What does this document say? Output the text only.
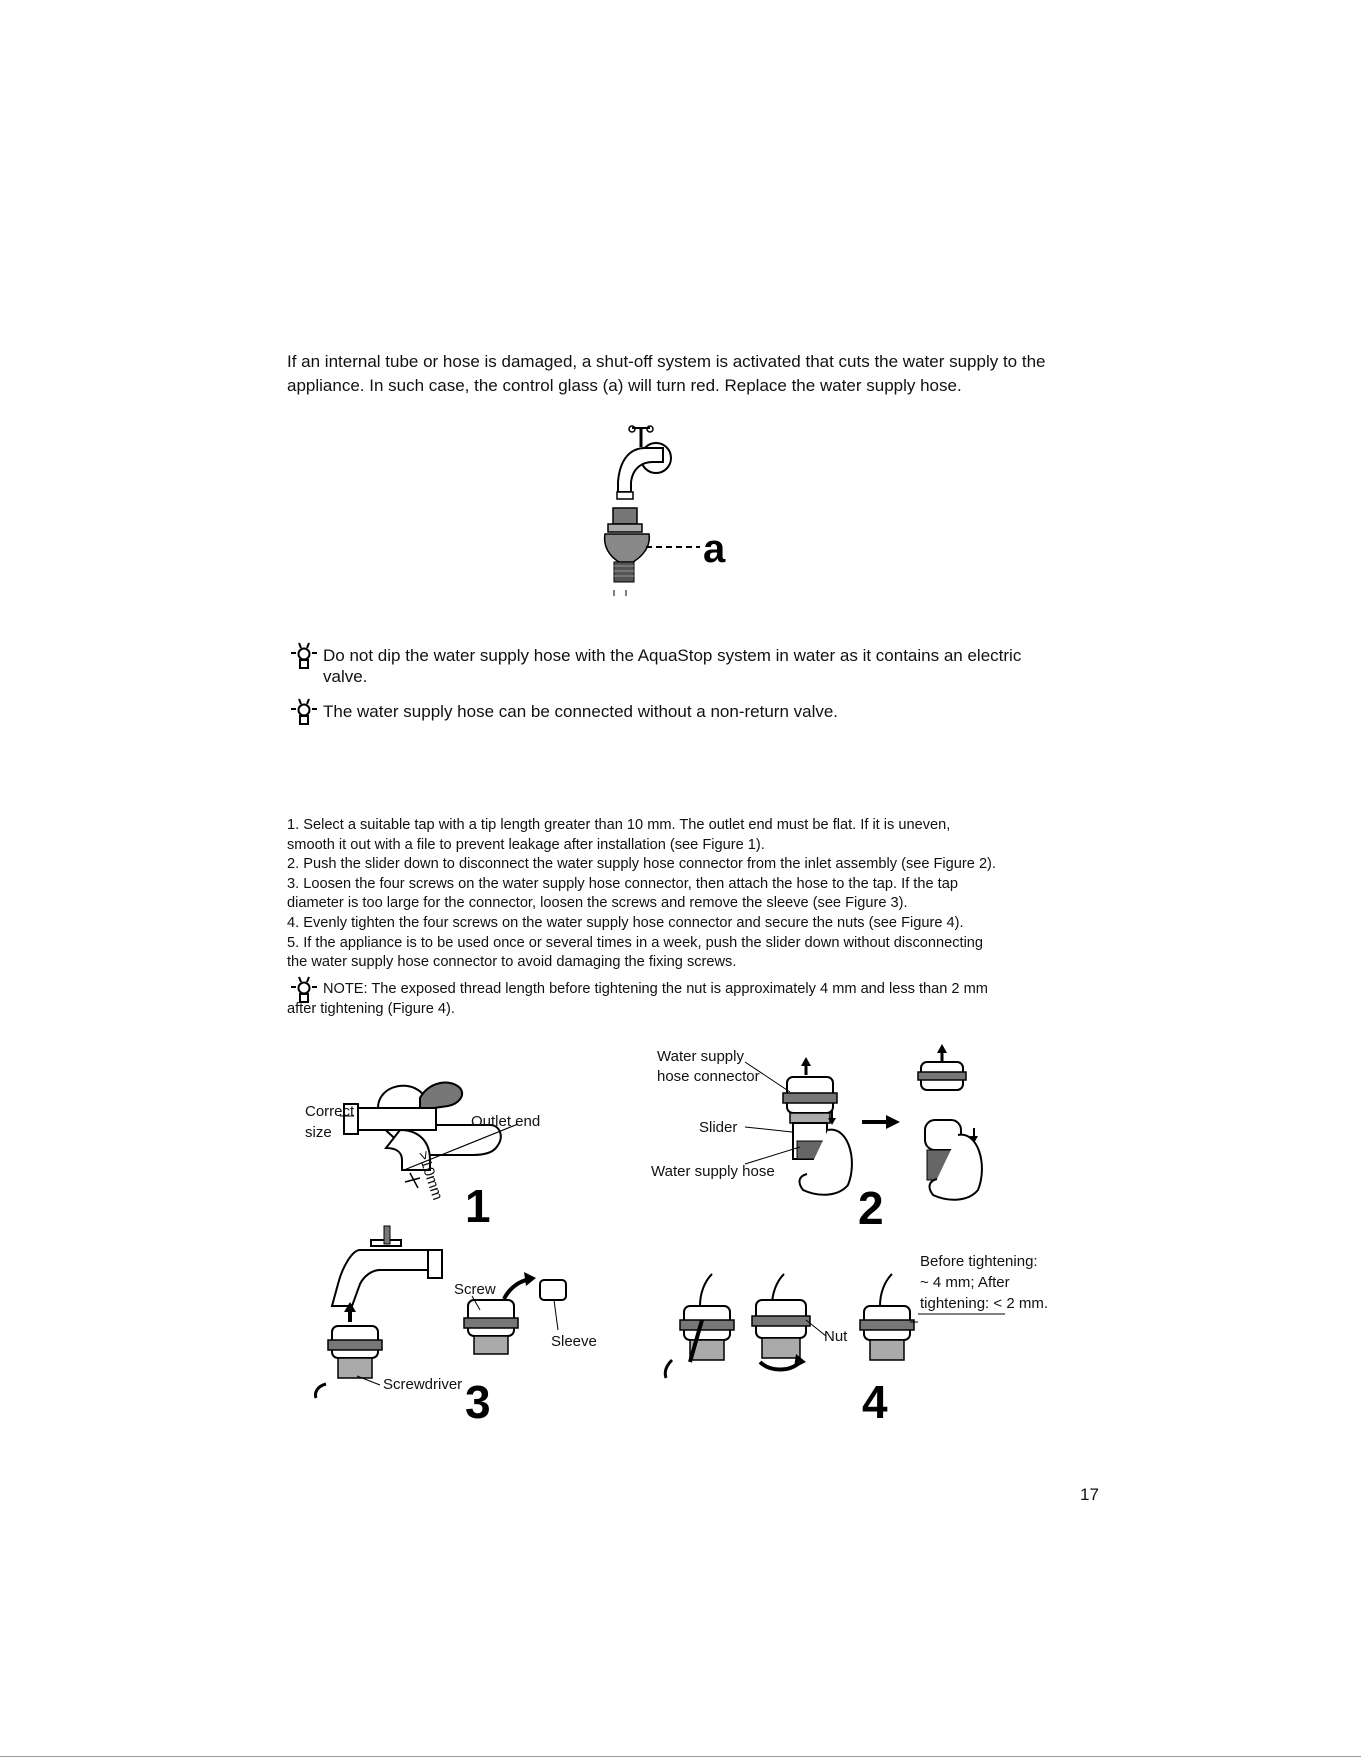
If an internal tube or hose is damaged, a shut-off system is activated that cuts the water supply to the
appliance. In such case, the control glass (a) will turn red. Replace the water supply hose.
Do not dip the water supply hose with the AquaStop system in water as it contains an electric
valve.
The water supply hose can be connected without a non-return valve.

1. Select a suitable tap with a tip length greater than 10 mm. The outlet end must be flat. If it is uneven,

smooth it out with a file to prevent leakage after installation (see Figure 1).

2. Push the slider down to disconnect the water supply hose connector from the inlet assembly (see Figure 2).

3. Loosen the four screws on the water supply hose connector, then attach the hose to the tap. If the tap

diameter is too large for the connector, loosen the screws and remove the sleeve (see Figure 3).

4. Evenly tighten the four screws on the water supply hose connector and secure the nuts (see Figure 4).

5. If the appliance is to be used once or several times in a week, push the slider down without disconnecting

the water supply hose connector to avoid damaging the fixing screws.

NOTE: The exposed thread length before tightening the nut is approximately 4 mm and less than 2 mm
after tightening (Figure 4).
a
Correct
size
Outlet end
>10mm
1
Water supply
hose connector
Slider
Water supply hose
2
Screw
Sleeve
Screwdriver 3
Nut
Before tightening:
~ 4 mm; After
tightening: < 2 mm.
4
17
